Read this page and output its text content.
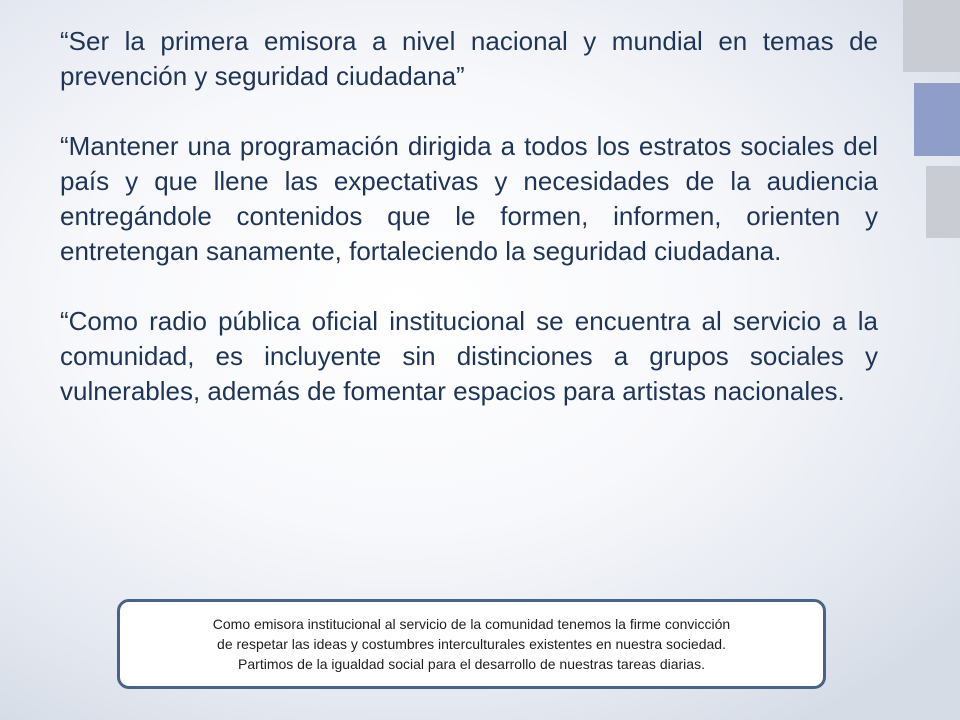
“Ser la primera emisora a nivel nacional y mundial en temas de prevención y seguridad ciudadana”

“Mantener una programación dirigida a todos los estratos sociales del país y que llene las expectativas y necesidades de la audiencia entregándole contenidos que le formen, informen, orienten y entretengan sanamente, fortaleciendo la seguridad ciudadana.

“Como radio pública oficial institucional se encuentra al servicio a la comunidad, es incluyente sin distinciones a grupos sociales y vulnerables, además de fomentar espacios para artistas nacionales.

Como emisora institucional al servicio de la comunidad tenemos la firme convicción
de respetar las ideas y costumbres interculturales existentes en nuestra sociedad.
Partimos de la igualdad social para el desarrollo de nuestras tareas diarias.
